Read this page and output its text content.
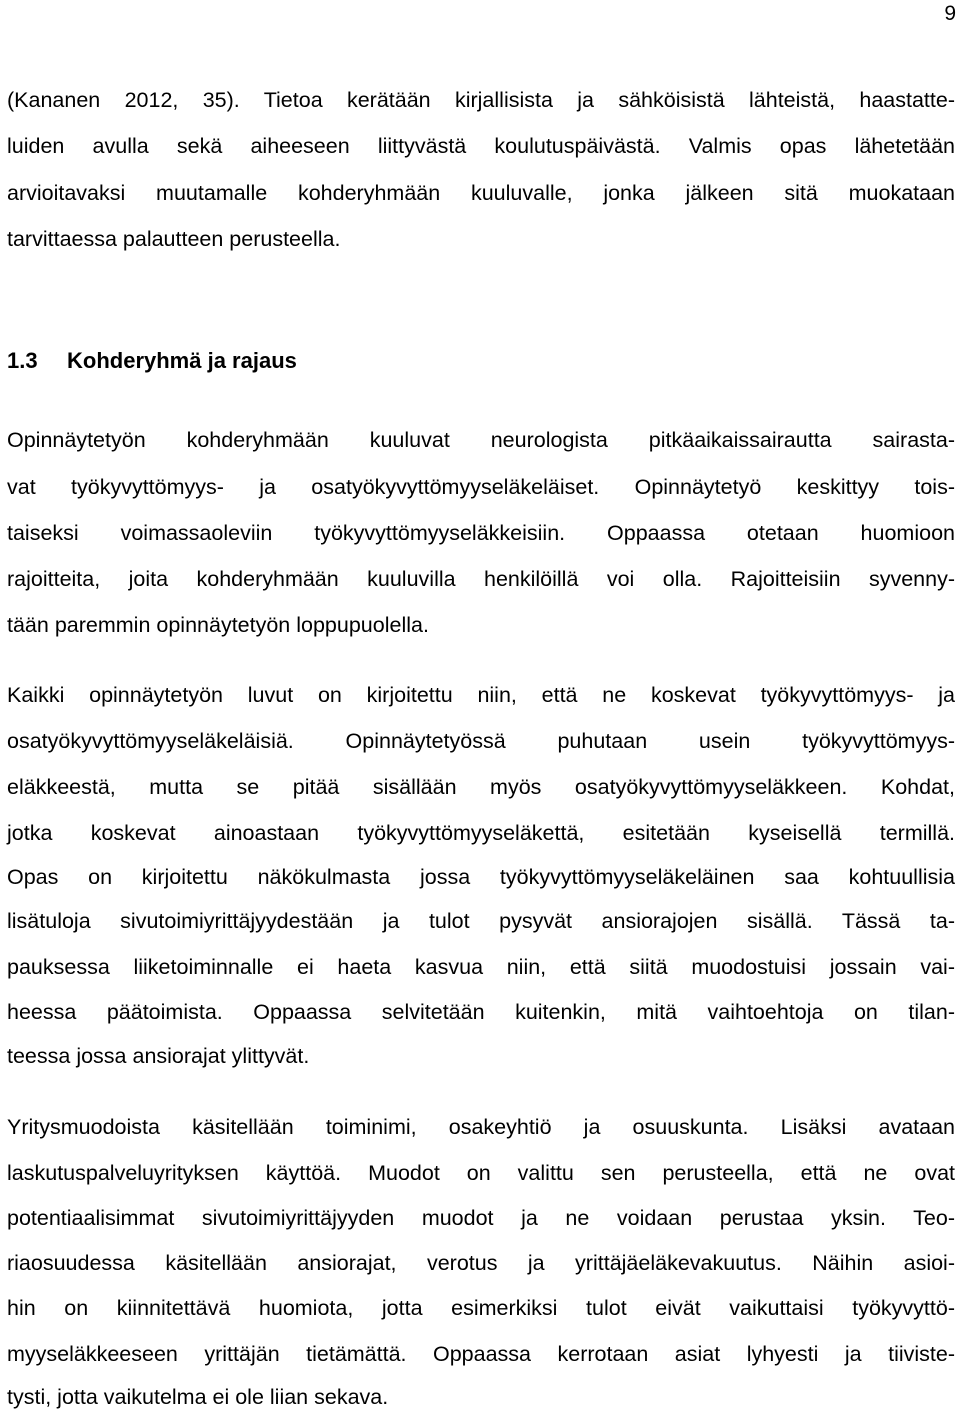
9
(Kananen 2012, 35). Tietoa kerätään kirjallisista ja sähköisistä lähteistä, haastatte-
luiden avulla sekä aiheeseen liittyvästä koulutuspäivästä. Valmis opas lähetetään
arvioitavaksi muutamalle kohderyhmään kuuluvalle, jonka jälkeen sitä muokataan
tarvittaessa palautteen perusteella.
1.3 Kohderyhmä ja rajaus
Opinnäytetyön kohderyhmään kuuluvat neurologista pitkäaikaissairautta sairasta-
vat työkyvyttömyys- ja osatyökyvyttömyyseläkeläiset. Opinnäytetyö keskittyy tois-
taiseksi voimassaoleviin työkyvyttömyyseläkkeisiin. Oppaassa otetaan huomioon
rajoitteita, joita kohderyhmään kuuluvilla henkilöillä voi olla. Rajoitteisiin syvenny-
tään paremmin opinnäytetyön loppupuolella.
Kaikki opinnäytetyön luvut on kirjoitettu niin, että ne koskevat työkyvyttömyys- ja
osatyökyvyttömyyseläkeläisiä. Opinnäytetyössä puhutaan usein työkyvyttömyys-
eläkkeestä, mutta se pitää sisällään myös osatyökyvyttömyyseläkkeen. Kohdat,
jotka koskevat ainoastaan työkyvyttömyyseläkettä, esitetään kyseisellä termillä.
Opas on kirjoitettu näkökulmasta jossa työkyvyttömyyseläkeläinen saa kohtuullisia
lisätuloja sivutoimiyrittäjyydestään ja tulot pysyvät ansiorajojen sisällä. Tässä ta-
pauksessa liiketoiminnalle ei haeta kasvua niin, että siitä muodostuisi jossain vai-
heessa päätoimista. Oppaassa selvitetään kuitenkin, mitä vaihtoehtoja on tilan-
teessa jossa ansiorajat ylittyvät.
Yritysmuodoista käsitellään toiminimi, osakeyhtiö ja osuuskunta. Lisäksi avataan
laskutuspalveluyrityksen käyttöä. Muodot on valittu sen perusteella, että ne ovat
potentiaalisimmat sivutoimiyrittäjyyden muodot ja ne voidaan perustaa yksin. Teo-
riaosuudessa käsitellään ansiorajat, verotus ja yrittäjäeläkevakuutus. Näihin asioi-
hin on kiinnitettävä huomiota, jotta esimerkiksi tulot eivät vaikuttaisi työkyvyttö-
myyseläkkeeseen yrittäjän tietämättä. Oppaassa kerrotaan asiat lyhyesti ja tiiviste-
tysti, jotta vaikutelma ei ole liian sekava.
